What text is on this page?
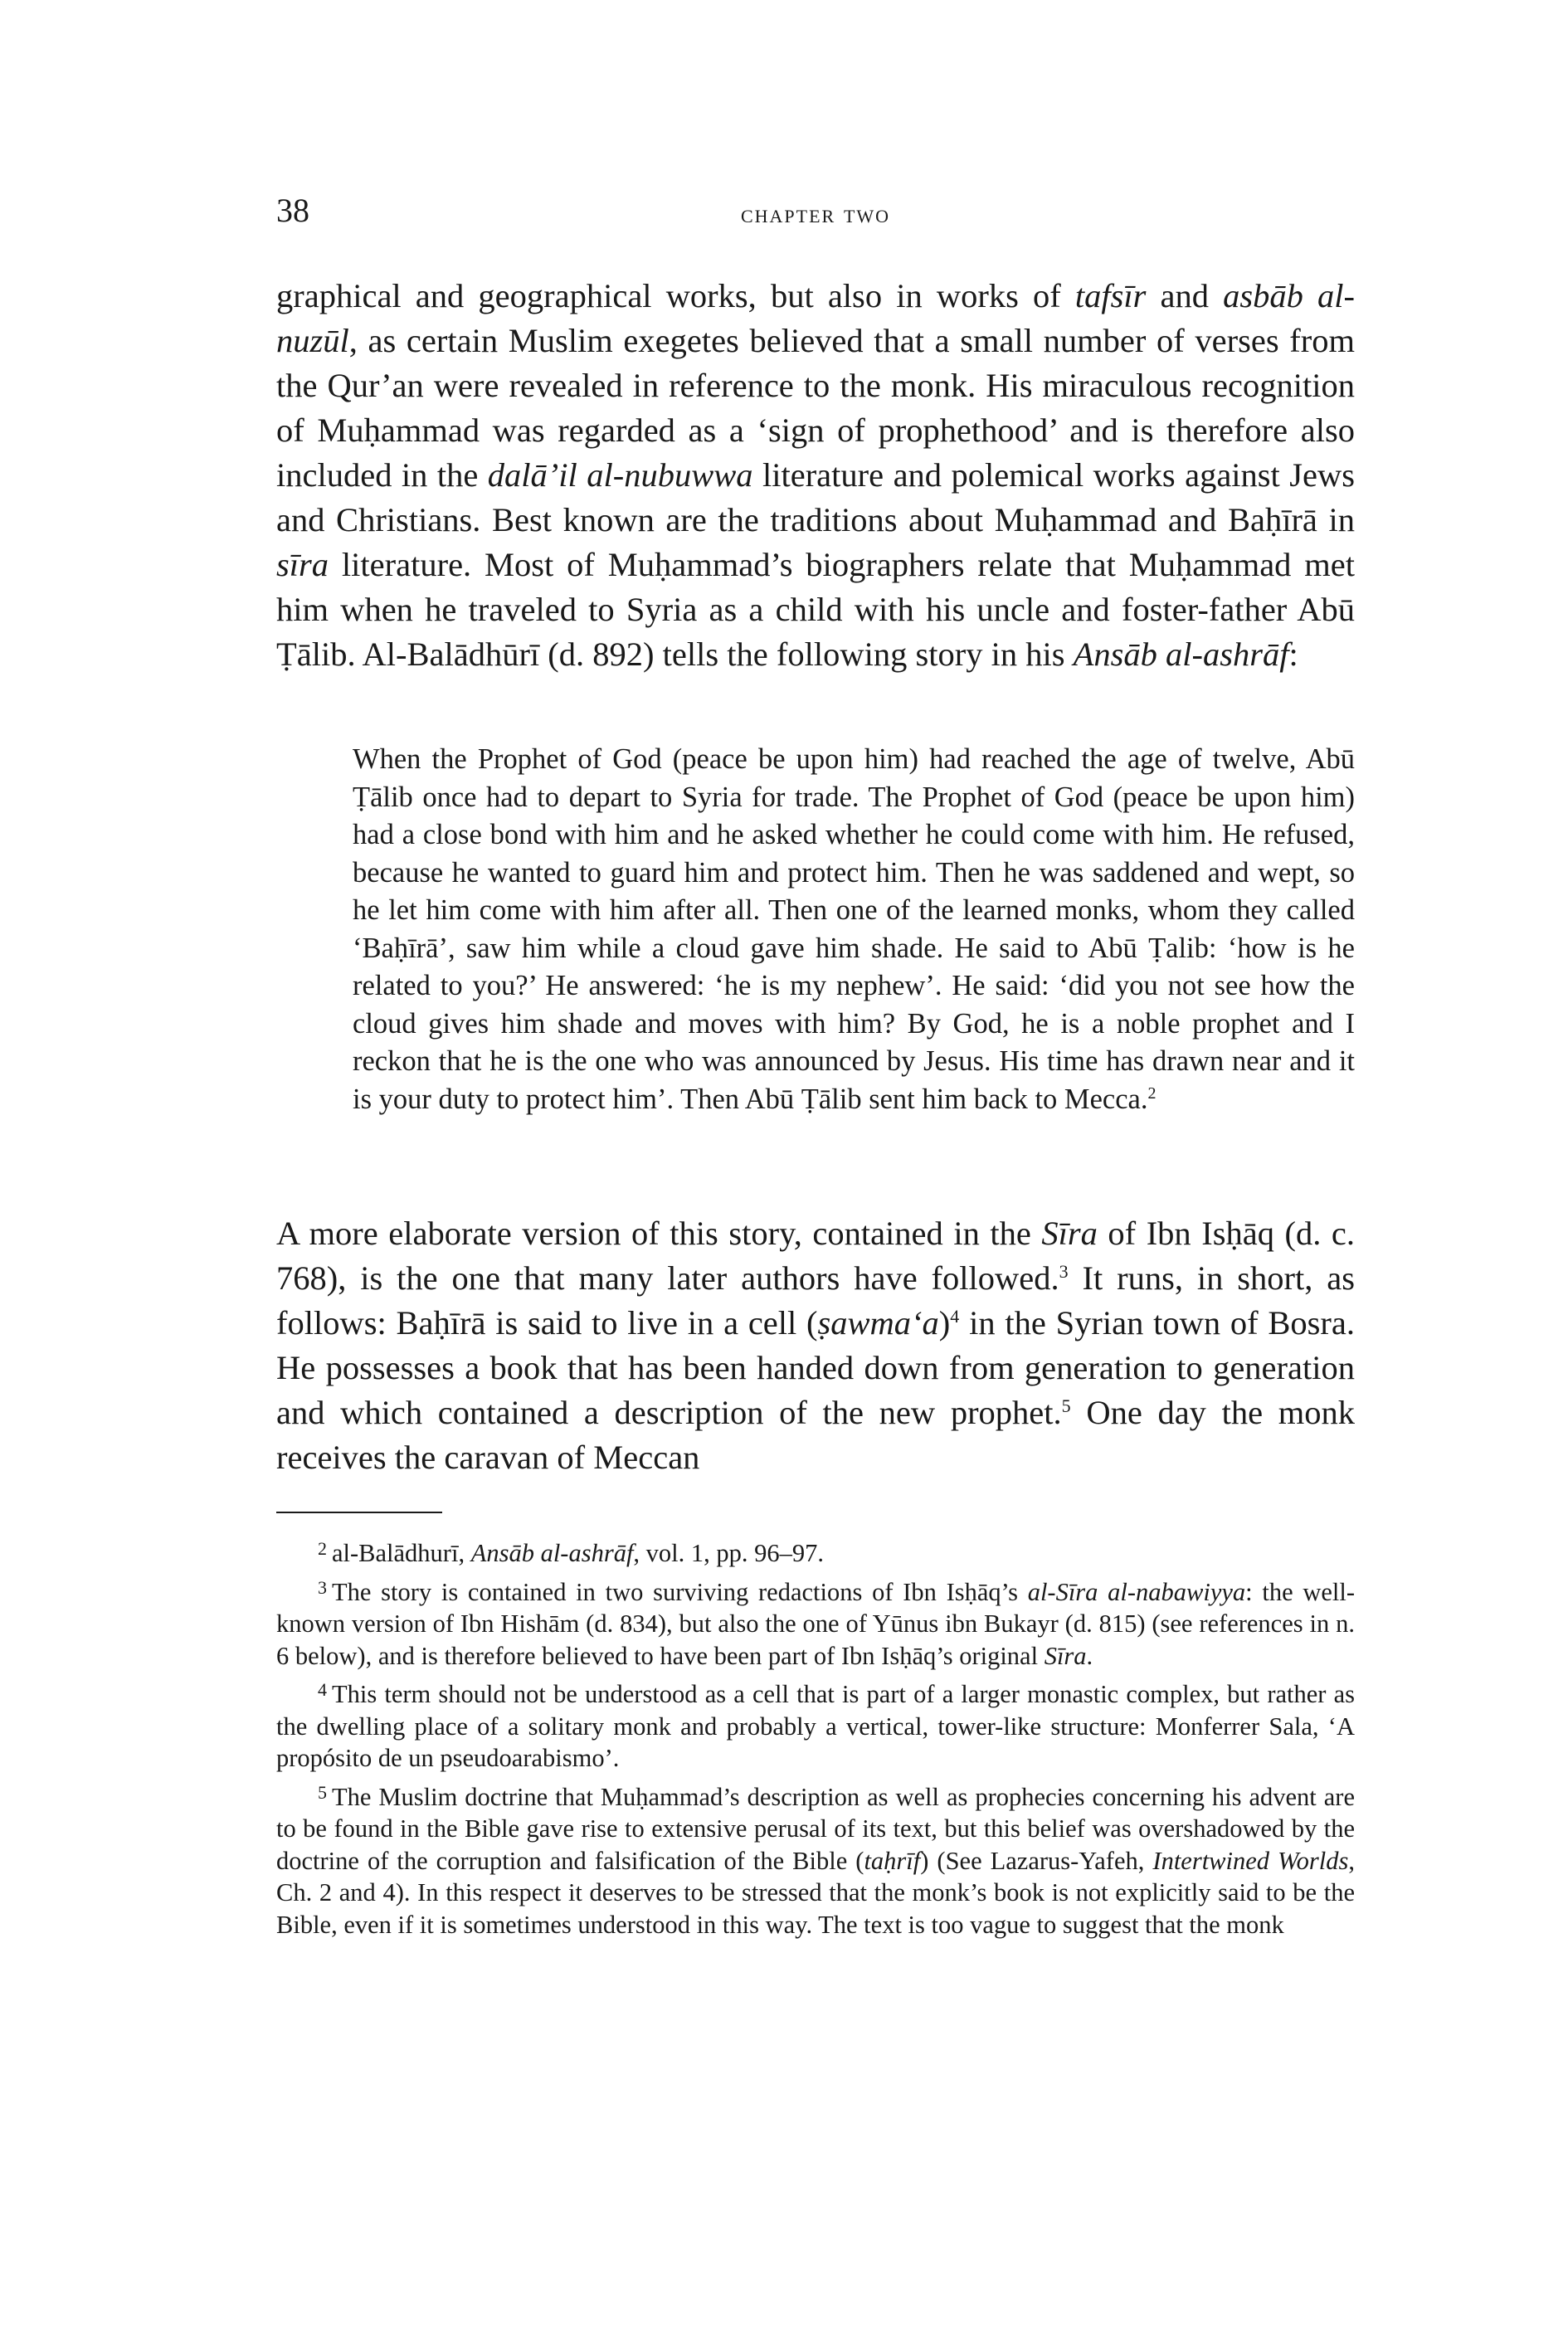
38	chapter two

graphical and geographical works, but also in works of tafsīr and asbāb al-nuzūl, as certain Muslim exegetes believed that a small number of verses from the Qur’an were revealed in reference to the monk. His miraculous recognition of Muḥammad was regarded as a ‘sign of prophethood’ and is therefore also included in the dalā’il al-nubuwwa literature and polemical works against Jews and Christians. Best known are the traditions about Muḥammad and Baḥīrā in sīra literature. Most of Muḥammad’s biographers relate that Muḥammad met him when he traveled to Syria as a child with his uncle and foster-father Abū Ṭālib. Al-Balādhūrī (d. 892) tells the following story in his Ansāb al-ashrāf:

When the Prophet of God (peace be upon him) had reached the age of twelve, Abū Ṭālib once had to depart to Syria for trade. The Prophet of God (peace be upon him) had a close bond with him and he asked whether he could come with him. He refused, because he wanted to guard him and protect him. Then he was saddened and wept, so he let him come with him after all. Then one of the learned monks, whom they called ‘Baḥīrā’, saw him while a cloud gave him shade. He said to Abū Ṭalib: ‘how is he related to you?’ He answered: ‘he is my nephew’. He said: ‘did you not see how the cloud gives him shade and moves with him? By God, he is a noble prophet and I reckon that he is the one who was announced by Jesus. His time has drawn near and it is your duty to protect him’. Then Abū Ṭālib sent him back to Mecca.$^2$

A more elaborate version of this story, contained in the Sīra of Ibn Isḥāq (d. c. 768), is the one that many later authors have followed.$^3$ It runs, in short, as follows: Baḥīrā is said to live in a cell (ṣawma‘a)$^4$ in the Syrian town of Bosra. He possesses a book that has been handed down from generation to generation and which contained a description of the new prophet.$^5$ One day the monk receives the caravan of Meccan

$^2$ al-Balādhurī, Ansāb al-ashrāf, vol. 1, pp. 96–97.

$^3$ The story is contained in two surviving redactions of Ibn Isḥāq’s al-Sīra al-nabawiyya: the well-known version of Ibn Hishām (d. 834), but also the one of Yūnus ibn Bukayr (d. 815) (see references in n. 6 below), and is therefore believed to have been part of Ibn Isḥāq’s original Sīra.

$^4$ This term should not be understood as a cell that is part of a larger monastic complex, but rather as the dwelling place of a solitary monk and probably a vertical, tower-like structure: Monferrer Sala, ‘A propósito de un pseudoarabismo’.

$^5$ The Muslim doctrine that Muḥammad’s description as well as prophecies concerning his advent are to be found in the Bible gave rise to extensive perusal of its text, but this belief was overshadowed by the doctrine of the corruption and falsification of the Bible (taḥrīf) (See Lazarus-Yafeh, Intertwined Worlds, Ch. 2 and 4). In this respect it deserves to be stressed that the monk’s book is not explicitly said to be the Bible, even if it is sometimes understood in this way. The text is too vague to suggest that the monk
